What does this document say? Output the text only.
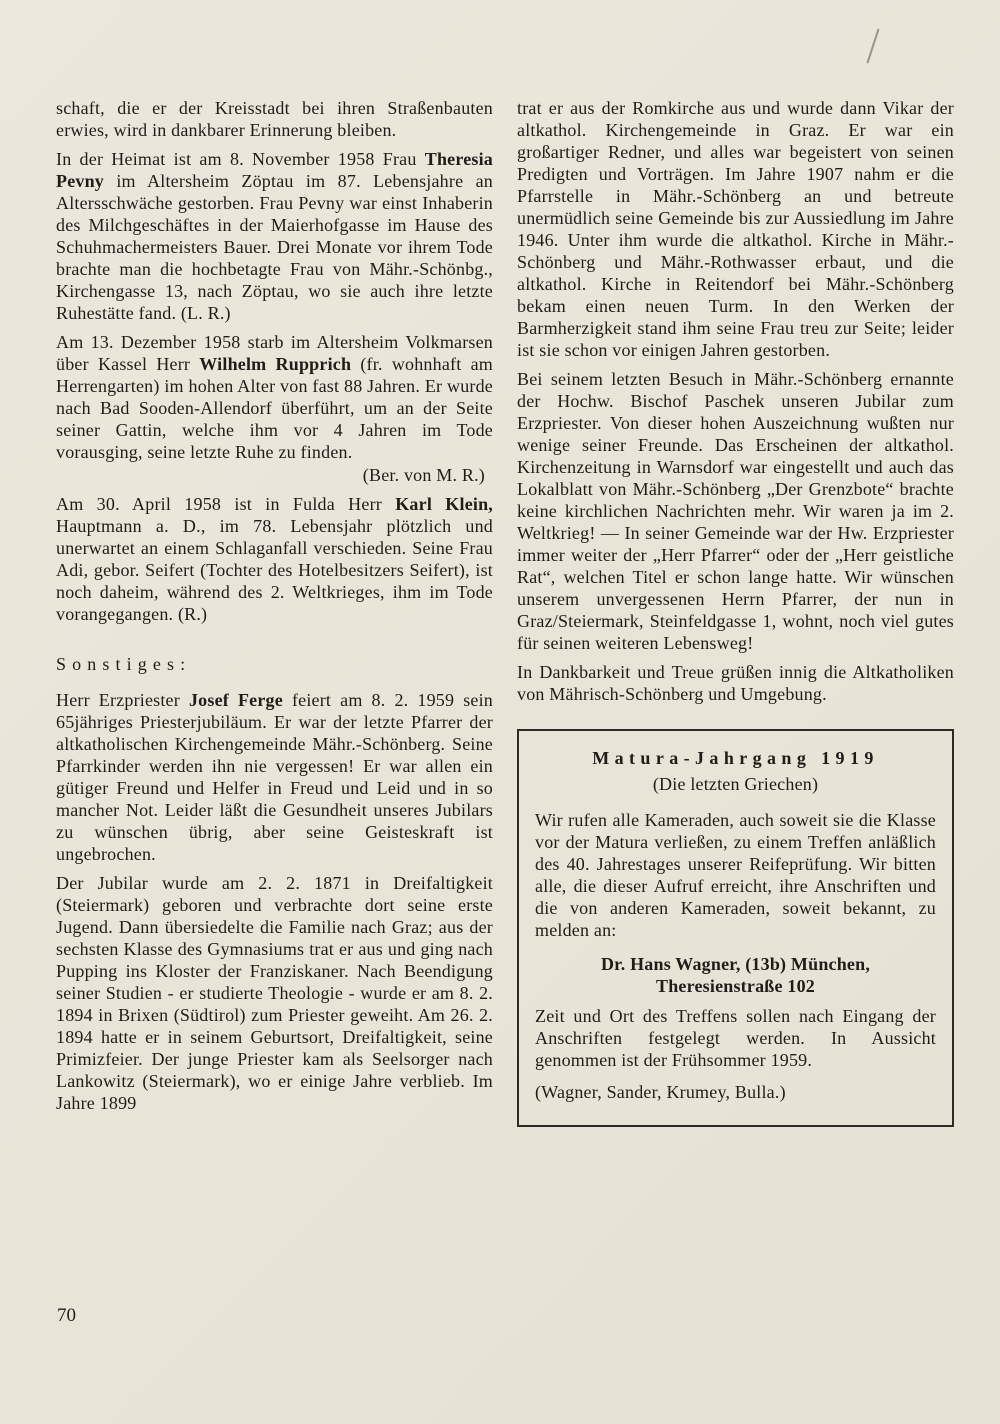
schaft, die er der Kreisstadt bei ihren Straßenbauten erwies, wird in dankbarer Erinnerung bleiben.

In der Heimat ist am 8. November 1958 Frau Theresia Pevny im Altersheim Zöptau im 87. Lebensjahre an Altersschwäche gestorben. Frau Pevny war einst Inhaberin des Milchgeschäftes in der Maierhofgasse im Hause des Schuhmachermeisters Bauer. Drei Monate vor ihrem Tode brachte man die hochbetagte Frau von Mähr.-Schönbg., Kirchengasse 13, nach Zöptau, wo sie auch ihre letzte Ruhestätte fand. (L. R.)

Am 13. Dezember 1958 starb im Altersheim Volkmarsen über Kassel Herr Wilhelm Rupprich (fr. wohnhaft am Herrengarten) im hohen Alter von fast 88 Jahren. Er wurde nach Bad Sooden-Allendorf überführt, um an der Seite seiner Gattin, welche ihm vor 4 Jahren im Tode vorausging, seine letzte Ruhe zu finden.

(Ber. von M. R.)

Am 30. April 1958 ist in Fulda Herr Karl Klein, Hauptmann a. D., im 78. Lebensjahr plötzlich und unerwartet an einem Schlaganfall verschieden. Seine Frau Adi, gebor. Seifert (Tochter des Hotelbesitzers Seifert), ist noch daheim, während des 2. Weltkrieges, ihm im Tode vorangegangen. (R.)

Sonstiges:

Herr Erzpriester Josef Ferge feiert am 8. 2. 1959 sein 65jähriges Priesterjubiläum. Er war der letzte Pfarrer der altkatholischen Kirchengemeinde Mähr.-Schönberg. Seine Pfarrkinder werden ihn nie vergessen! Er war allen ein gütiger Freund und Helfer in Freud und Leid und in so mancher Not. Leider läßt die Gesundheit unseres Jubilars zu wünschen übrig, aber seine Geisteskraft ist ungebrochen.

Der Jubilar wurde am 2. 2. 1871 in Dreifaltigkeit (Steiermark) geboren und verbrachte dort seine erste Jugend. Dann übersiedelte die Familie nach Graz; aus der sechsten Klasse des Gymnasiums trat er aus und ging nach Pupping ins Kloster der Franziskaner. Nach Beendigung seiner Studien - er studierte Theologie - wurde er am 8. 2. 1894 in Brixen (Südtirol) zum Priester geweiht. Am 26. 2. 1894 hatte er in seinem Geburtsort, Dreifaltigkeit, seine Primizfeier. Der junge Priester kam als Seelsorger nach Lankowitz (Steiermark), wo er einige Jahre verblieb. Im Jahre 1899

trat er aus der Romkirche aus und wurde dann Vikar der altkathol. Kirchengemeinde in Graz. Er war ein großartiger Redner, und alles war begeistert von seinen Predigten und Vorträgen. Im Jahre 1907 nahm er die Pfarrstelle in Mähr.-Schönberg an und betreute unermüdlich seine Gemeinde bis zur Aussiedlung im Jahre 1946. Unter ihm wurde die altkathol. Kirche in Mähr.-Schönberg und Mähr.-Rothwasser erbaut, und die altkathol. Kirche in Reitendorf bei Mähr.-Schönberg bekam einen neuen Turm. In den Werken der Barmherzigkeit stand ihm seine Frau treu zur Seite; leider ist sie schon vor einigen Jahren gestorben.

Bei seinem letzten Besuch in Mähr.-Schönberg ernannte der Hochw. Bischof Paschek unseren Jubilar zum Erzpriester. Von dieser hohen Auszeichnung wußten nur wenige seiner Freunde. Das Erscheinen der altkathol. Kirchenzeitung in Warnsdorf war eingestellt und auch das Lokalblatt von Mähr.-Schönberg „Der Grenzbote“ brachte keine kirchlichen Nachrichten mehr. Wir waren ja im 2. Weltkrieg! — In seiner Gemeinde war der Hw. Erzpriester immer weiter der „Herr Pfarrer“ oder der „Herr geistliche Rat“, welchen Titel er schon lange hatte. Wir wünschen unserem unvergessenen Herrn Pfarrer, der nun in Graz/Steiermark, Steinfeldgasse 1, wohnt, noch viel gutes für seinen weiteren Lebensweg!

In Dankbarkeit und Treue grüßen innig die Altkatholiken von Mährisch-Schönberg und Umgebung.

Matura-Jahrgang 1919
(Die letzten Griechen)

Wir rufen alle Kameraden, auch soweit sie die Klasse vor der Matura verließen, zu einem Treffen anläßlich des 40. Jahrestages unserer Reifeprüfung. Wir bitten alle, die dieser Aufruf erreicht, ihre Anschriften und die von anderen Kameraden, soweit bekannt, zu melden an:

Dr. Hans Wagner, (13b) München,
Theresienstraße 102

Zeit und Ort des Treffens sollen nach Eingang der Anschriften festgelegt werden. In Aussicht genommen ist der Frühsommer 1959.

(Wagner, Sander, Krumey, Bulla.)

70
